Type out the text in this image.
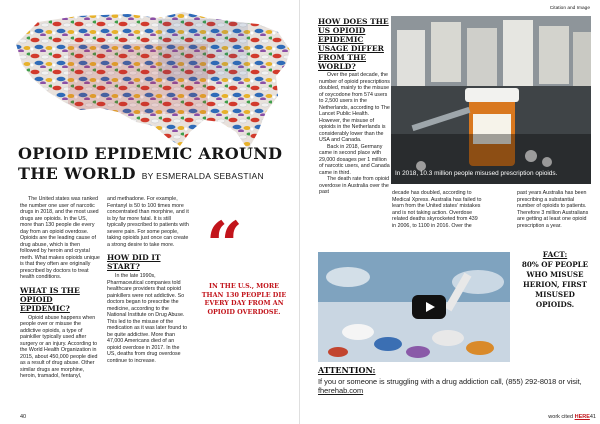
OPIOID EPIDEMIC AROUND THE WORLD BY ESMERALDA SEBASTIAN

The United states was ranked the number one user of narcotic drugs in 2018, and the most used drugs are opioids. In the US, more than 130 people die every day from an opioid overdose. Opioids are the leading cause of drug abuse, which is then followed by heroin and crystal meth. What makes opioids unique is that they often are originally prescribed by doctors to treat health conditions.

WHAT IS THE OPIOID EPIDEMIC?

Opioid abuse happens when people over or misuse the addictive opioids, a type of painkiller typically used after surgery or an injury. According to the World Health Organization in 2015, about 450,000 people died as a result of drug abuse. Other similar drugs are morphine, heroin, tramadol, fentanyl,

and methadone. For example, Fentanyl is 50 to 100 times more concentrated than morphine, and it is by far more fatal. It is still typically prescribed to patients with severe pain. For some people, taking opioids just once can create a strong desire to take more.

HOW DID IT START?

In the late 1990s, Pharmaceutical companies told healthcare providers that opioid painkillers were not addictive. So doctors began to prescribe the medicine, according to the National Institute on Drug Abuse. This led to the misuse of the medication as it was later found to be quite addictive. More than 47,000 Americans died of an opioid overdose in 2017. In the US, deaths from drug overdose continue to increase.

“
IN THE U.S., MORE THAN 130 PEOPLE DIE EVERY DAY FROM AN OPIOID OVERDOSE.
40
Citation and Image
HOW DOES THE US OPIOID EPIDEMIC USAGE DIFFER FROM THE WORLD?

Over the past decade, the number of opioid prescriptions doubled, mainly to the misuse of oxycodone from 574 users to 2,500 users in the Netherlands, according to The Lancet Public Health. However, the misuse of opioids in the Netherlands is considerably lower than the USA and Canada.

Back in 2018, Germany came in second place with 29,000 dosages per 1 million of narcotic users, and Canada came in third.

The death rate from opioid overdose in Australia over the past

In 2018, 10.3 million people misused prescription opioids.

decade has doubled, according to Medical Xpress. Australia has failed to learn from the United states’ mistakes and is not taking action. Overdose related deaths skyrocketed from 439 in 2006, to 1100 in 2016. Over the

past years Australia has been prescribing a substantial number of opioids to patients. Therefore 3 million Australians are getting at least one opioid prescription a year.

FACT:
80% OF PEOPLE WHO MISUSE HERION, FIRST MISUSED OPIOIDS.
ATTENTION:
If you or someone is struggling with a drug addiction call, (855) 292-8018 or visit, fherehab.com
work cited HERE41
